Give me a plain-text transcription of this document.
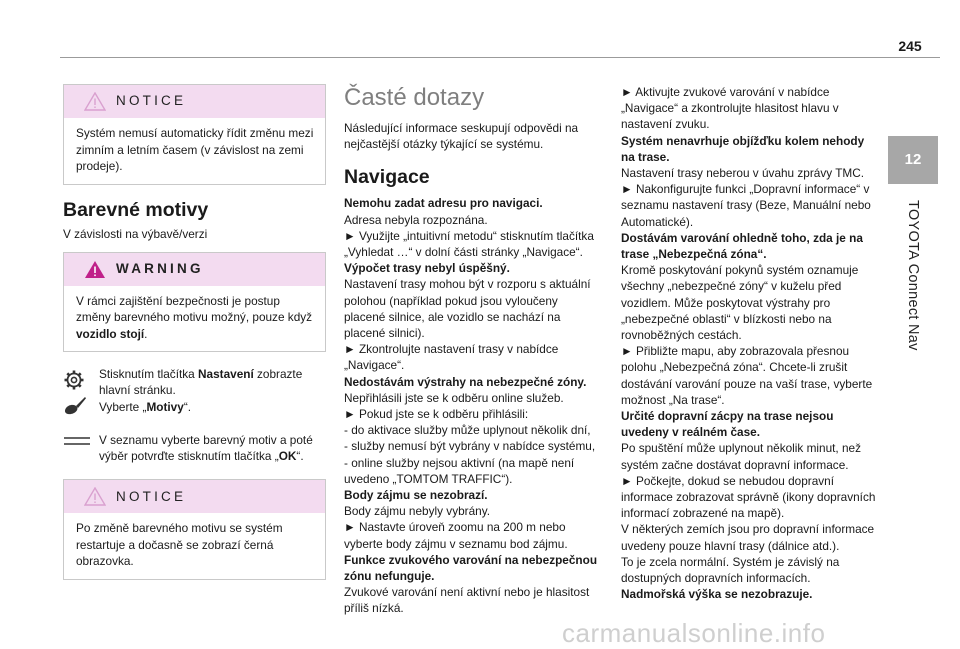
245
12
TOYOTA Connect Nav
NOTICE
Systém nemusí automaticky řídit změnu mezi zimním a letním časem (v závislost na zemi prodeje).
Barevné motivy

V závislosti na výbavě/verzi

WARNING
V rámci zajištění bezpečnosti je postup změny barevného motivu možný, pouze když vozidlo stojí.

Stisknutím tlačítka Nastavení zobrazte hlavní stránku.

Vyberte „Motivy“.

V seznamu vyberte barevný motiv a poté výběr potvrďte stisknutím tlačítka „OK“.

NOTICE
Po změně barevného motivu se systém restartuje a dočasně se zobrazí černá obrazovka.
Časté dotazy

Následující informace seskupují odpovědi na nejčastější otázky týkající se systému.

Navigace

Nemohu zadat adresu pro navigaci.

Adresa nebyla rozpoznána.

► Využijte „intuitivní metodu“ stisknutím tlačítka „Vyhledat …“ v dolní části stránky „Navigace“.

Výpočet trasy nebyl úspěšný.

Nastavení trasy mohou být v rozporu s aktuální polohou (například pokud jsou vyloučeny placené silnice, ale vozidlo se nachází na placené silnici).

► Zkontrolujte nastavení trasy v nabídce „Navigace“.

Nedostávám výstrahy na nebezpečné zóny.

Nepřihlásili jste se k odběru online služeb.

► Pokud jste se k odběru přihlásili:

- do aktivace služby může uplynout několik dní,

- služby nemusí být vybrány v nabídce systému,

- online služby nejsou aktivní (na mapě není uvedeno „TOMTOM TRAFFIC“).

Body zájmu se nezobrazí.

Body zájmu nebyly vybrány.

► Nastavte úroveň zoomu na 200 m nebo vyberte body zájmu v seznamu bod zájmu.

Funkce zvukového varování na nebezpečnou zónu nefunguje.

Zvukové varování není aktivní nebo je hlasitost příliš nízká.

► Aktivujte zvukové varování v nabídce „Navigace“ a zkontrolujte hlasitost hlavu v nastavení zvuku.

Systém nenavrhuje objížďku kolem nehody na trase.

Nastavení trasy neberou v úvahu zprávy TMC.

► Nakonfigurujte funkci „Dopravní informace“ v seznamu nastavení trasy (Beze, Manuální nebo Automatické).

Dostávám varování ohledně toho, zda je na trase „Nebezpečná zóna“.

Kromě poskytování pokynů systém oznamuje všechny „nebezpečné zóny“ v kuželu před vozidlem. Může poskytovat výstrahy pro „nebezpečné oblasti“ v blízkosti nebo na rovnoběžných cestách.

► Přibližte mapu, aby zobrazovala přesnou polohu „Nebezpečná zóna“. Chcete-li zrušit dostávání varování pouze na vaší trase, vyberte možnost „Na trase“.

Určité dopravní zácpy na trase nejsou uvedeny v reálném čase.

Po spuštění může uplynout několik minut, než systém začne dostávat dopravní informace.

► Počkejte, dokud se nebudou dopravní informace zobrazovat správně (ikony dopravních informací zobrazené na mapě).

V některých zemích jsou pro dopravní informace uvedeny pouze hlavní trasy (dálnice atd.).

To je zcela normální. Systém je závislý na dostupných dopravních informacích.

Nadmořská výška se nezobrazuje.

carmanualsonline.info
